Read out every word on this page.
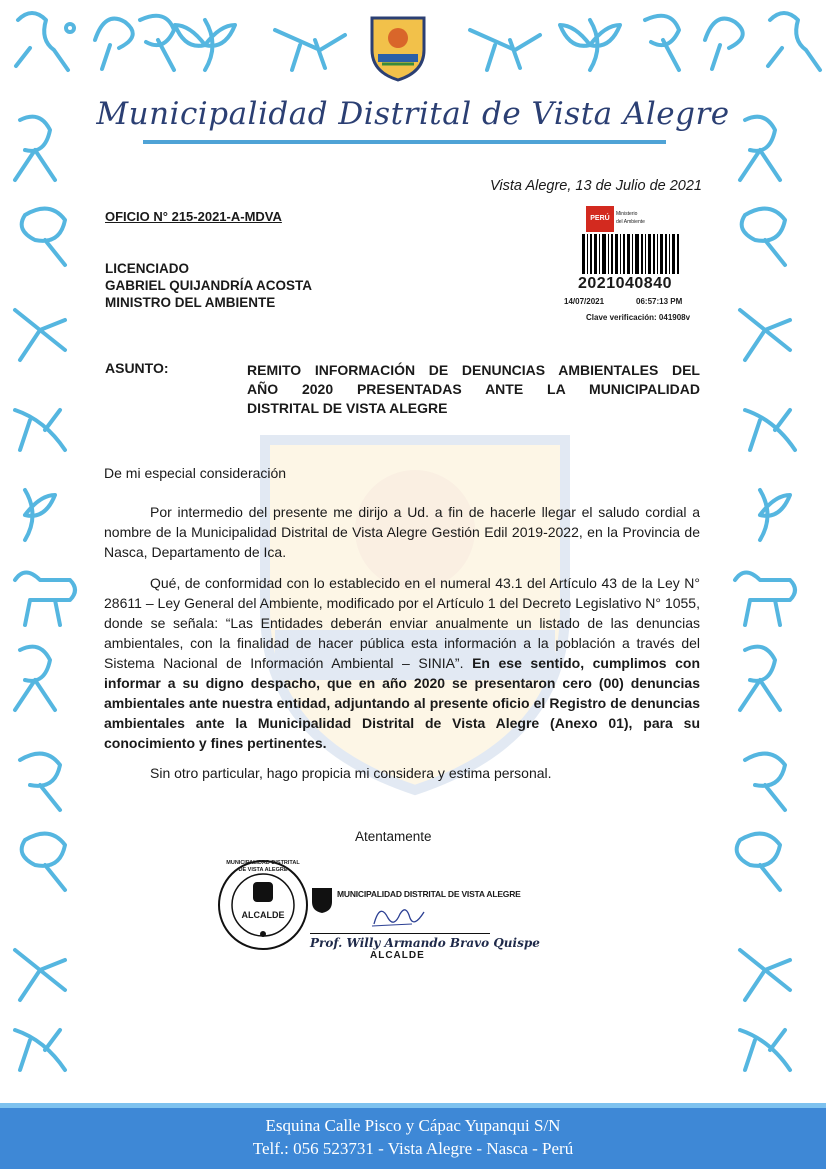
Municipalidad Distrital de Vista Alegre
Vista Alegre, 13 de Julio de 2021
OFICIO N° 215-2021-A-MDVA
LICENCIADO
GABRIEL QUIJANDRÍA ACOSTA
MINISTRO DEL AMBIENTE
PERÚ
Ministerio
del Ambiente
2021040840
14/07/2021	06:57:13 PM
Clave verificación: 041908v
ASUNTO:	REMITO INFORMACIÓN DE DENUNCIAS AMBIENTALES DEL
AÑO 2020 PRESENTADAS ANTE LA MUNICIPALIDAD
DISTRITAL DE VISTA ALEGRE
De mi especial consideración
Por intermedio del presente me dirijo a Ud. a fin de hacerle llegar el saludo cordial a nombre de la Municipalidad Distrital de Vista Alegre Gestión Edil 2019-2022, en la Provincia de Nasca, Departamento de Ica.
Qué, de conformidad con lo establecido en el numeral 43.1 del Artículo 43 de la Ley N° 28611 – Ley General del Ambiente, modificado por el Artículo 1 del Decreto Legislativo N° 1055, donde se señala: “Las Entidades deberán enviar anualmente un listado de las denuncias ambientales, con la finalidad de hacer pública esta información a la población a través del Sistema Nacional de Información Ambiental – SINIA”. En ese sentido, cumplimos con informar a su digno despacho, que en año 2020 se presentaron cero (00) denuncias ambientales ante nuestra entidad, adjuntando al presente oficio el Registro de denuncias ambientales ante la Municipalidad Distrital de Vista Alegre (Anexo 01), para su conocimiento y fines pertinentes.
Sin otro particular, hago propicia mi considera y estima personal.
Atentamente
MUNICIPALIDAD DISTRITAL DE VISTA ALEGRE
ALCALDE
MUNICIPALIDAD DISTRITAL DE VISTA ALEGRE
Prof. Willy Armando Bravo Quispe
ALCALDE
Esquina Calle Pisco y Cápac Yupanqui S/N
Telf.: 056 523731 - Vista Alegre - Nasca - Perú
